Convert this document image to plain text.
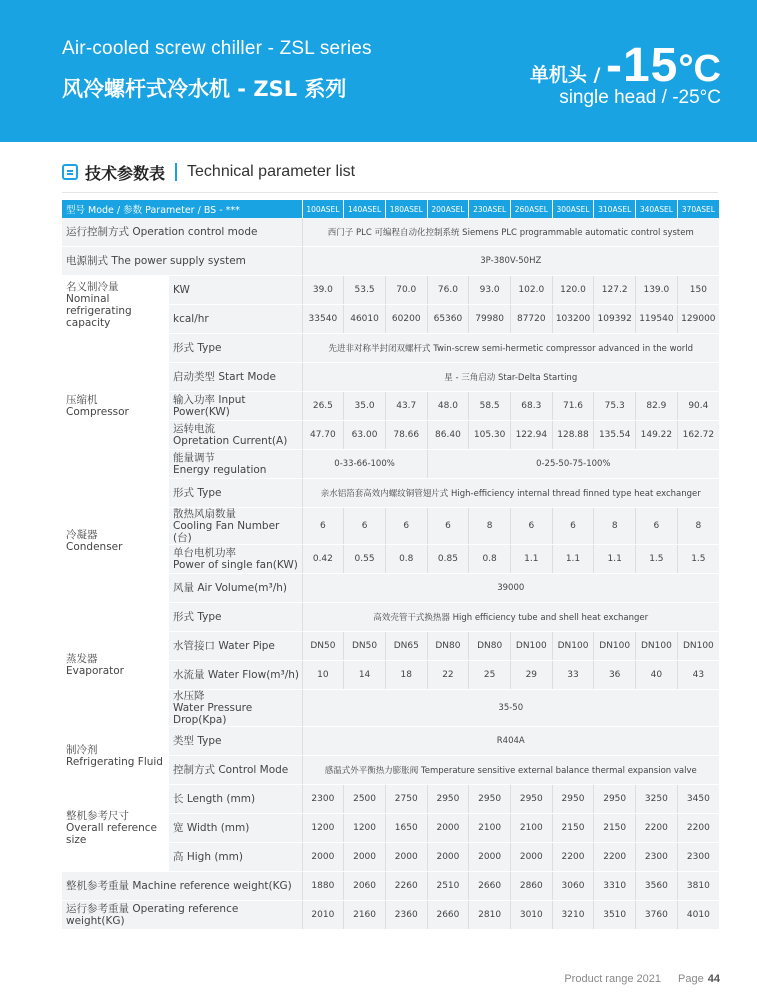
Air-cooled screw chiller - ZSL series
风冷螺杆式冷水机 - ZSL 系列
单机头 / -15°C
single head / -25°C
技术参数表 Technical parameter list
型号 Mode / 参数 Parameter / BS - ***		100ASEL	140ASEL	180ASEL	200ASEL	230ASEL	260ASEL	300ASEL	310ASEL	340ASEL	370ASEL
运行控制方式 Operation control mode		西门子 PLC 可编程自动化控制系统 Siemens PLC programmable automatic control system									
电源制式 The power supply system		3P-380V-50HZ									

名义制冷量
Nominal refrigerating capacity	KW	39.0	53.5	70.0	76.0	93.0	102.0	120.0	127.2	139.0	150
	kcal/hr	33540	46010	60200	65360	79980	87720	103200	109392	119540	129000

压缩机
Compressor	形式 Type	先进非对称半封闭双螺杆式 Twin-screw semi-hermetic compressor advanced in the world									
	启动类型 Start Mode	星 - 三角启动 Star-Delta Starting									
	输入功率 Input Power(KW)	26.5	35.0	43.7	48.0	58.5	68.3	71.6	75.3	82.9	90.4

	运转电流
Opretation Current(A)	47.70	63.00	78.66	86.40	105.30	122.94	128.88	135.54	149.22	162.72

	能量调节
Energy regulation	0-33-66-100%			0-25-50-75-100%						

冷凝器
Condenser	形式 Type	亲水铝箔套高效内螺纹铜管翅片式 High-efficiency internal thread finned type heat exchanger									

	散热风扇数量
Cooling Fan Number (台)	6	6	6	6	8	6	6	8	6	8

	单台电机功率
Power of single fan(KW)	0.42	0.55	0.8	0.85	0.8	1.1	1.1	1.1	1.5	1.5
	风量 Air Volume(m³/h)	39000									

蒸发器
Evaporator	形式 Type	高效壳管干式换热器 High efficiency tube and shell heat exchanger									
	水管接口 Water Pipe	DN50	DN50	DN65	DN80	DN80	DN100	DN100	DN100	DN100	DN100
	水流量 Water Flow(m³/h)	10	14	18	22	25	29	33	36	40	43

	水压降
Water Pressure Drop(Kpa)	35-50									

制冷剂
Refrigerating Fluid	类型 Type	R404A									
	控制方式 Control Mode	感温式外平衡热力膨胀阀 Temperature sensitive external balance thermal expansion valve									

整机参考尺寸
Overall reference size	长 Length (mm)	2300	2500	2750	2950	2950	2950	2950	2950	3250	3450
	宽 Width (mm)	1200	1200	1650	2000	2100	2100	2150	2150	2200	2200
	高 High (mm)	2000	2000	2000	2000	2000	2000	2200	2200	2300	2300
整机参考重量 Machine reference weight(KG)		1880	2060	2260	2510	2660	2860	3060	3310	3560	3810
运行参考重量 Operating reference weight(KG)		2010	2160	2360	2660	2810	3010	3210	3510	3760	4010
Product range 2021 Page 44
